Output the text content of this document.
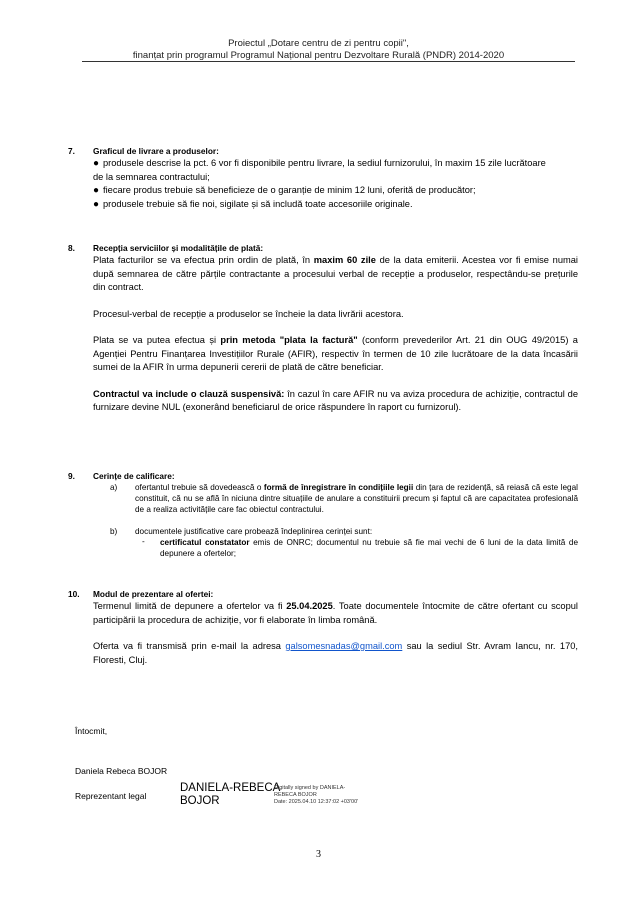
Proiectul „Dotare centru de zi pentru copii",
finanțat prin programul Programul Național pentru Dezvoltare Rurală (PNDR) 2014-2020
7. Graficul de livrare a produselor:
● produsele descrise la pct. 6 vor fi disponibile pentru livrare, la sediul furnizorului, în maxim 15 zile lucrătoare
de la semnarea contractului;
● fiecare produs trebuie să beneficieze de o garanție de minim 12 luni, oferită de producător;
● produsele trebuie să fie noi, sigilate și să includă toate accesoriile originale.
8. Recepția serviciilor și modalitățile de plată:

Plata facturilor se va efectua prin ordin de plată, în maxim 60 zile de la data emiterii. Acestea vor fi emise numai după semnarea de către părțile contractante a procesului verbal de recepție a produselor, respectându-se prețurile din contract.

Procesul-verbal de recepție a produselor se încheie la data livrării acestora.

Plata se va putea efectua și prin metoda "plata la factură" (conform prevederilor Art. 21 din OUG 49/2015) a Agenției Pentru Finanțarea Investițiilor Rurale (AFIR), respectiv în termen de 10 zile lucrătoare de la data încasării sumei de la AFIR în urma depunerii cererii de plată de către beneficiar.

Contractul va include o clauză suspensivă: în cazul în care AFIR nu va aviza procedura de achiziție, contractul de furnizare devine NUL (exonerând beneficiarul de orice răspundere în raport cu furnizorul).

9. Cerințe de calificare:
a)	ofertantul trebuie să dovedească o formă de înregistrare în condițiile legii din țara de rezidență, să reiasă că este legal constituit, că nu se află în niciuna dintre situațiile de anulare a constituirii precum și faptul că are capacitatea profesională de a realiza activitățile care fac obiectul contractului.
b)	documentele justificative care probează îndeplinirea cerinței sunt:
-	certificatul constatator emis de ONRC; documentul nu trebuie să fie mai vechi de 6 luni de la data limită de depunere a ofertelor;
10. Modul de prezentare al ofertei:

Termenul limită de depunere a ofertelor va fi 25.04.2025. Toate documentele întocmite de către ofertant cu scopul participării la procedura de achiziție, vor fi elaborate în limba română.

Oferta va fi transmisă prin e-mail la adresa galsomesnadas@gmail.com sau la sediul Str. Avram Iancu, nr. 170, Floresti, Cluj.

Întocmit,
Daniela Rebeca BOJOR
Reprezentant legal
DANIELA-REBECA
BOJOR
Digitally signed by DANIELA-
REBECA BOJOR
Date: 2025.04.10 12:37:02 +03'00'
3
